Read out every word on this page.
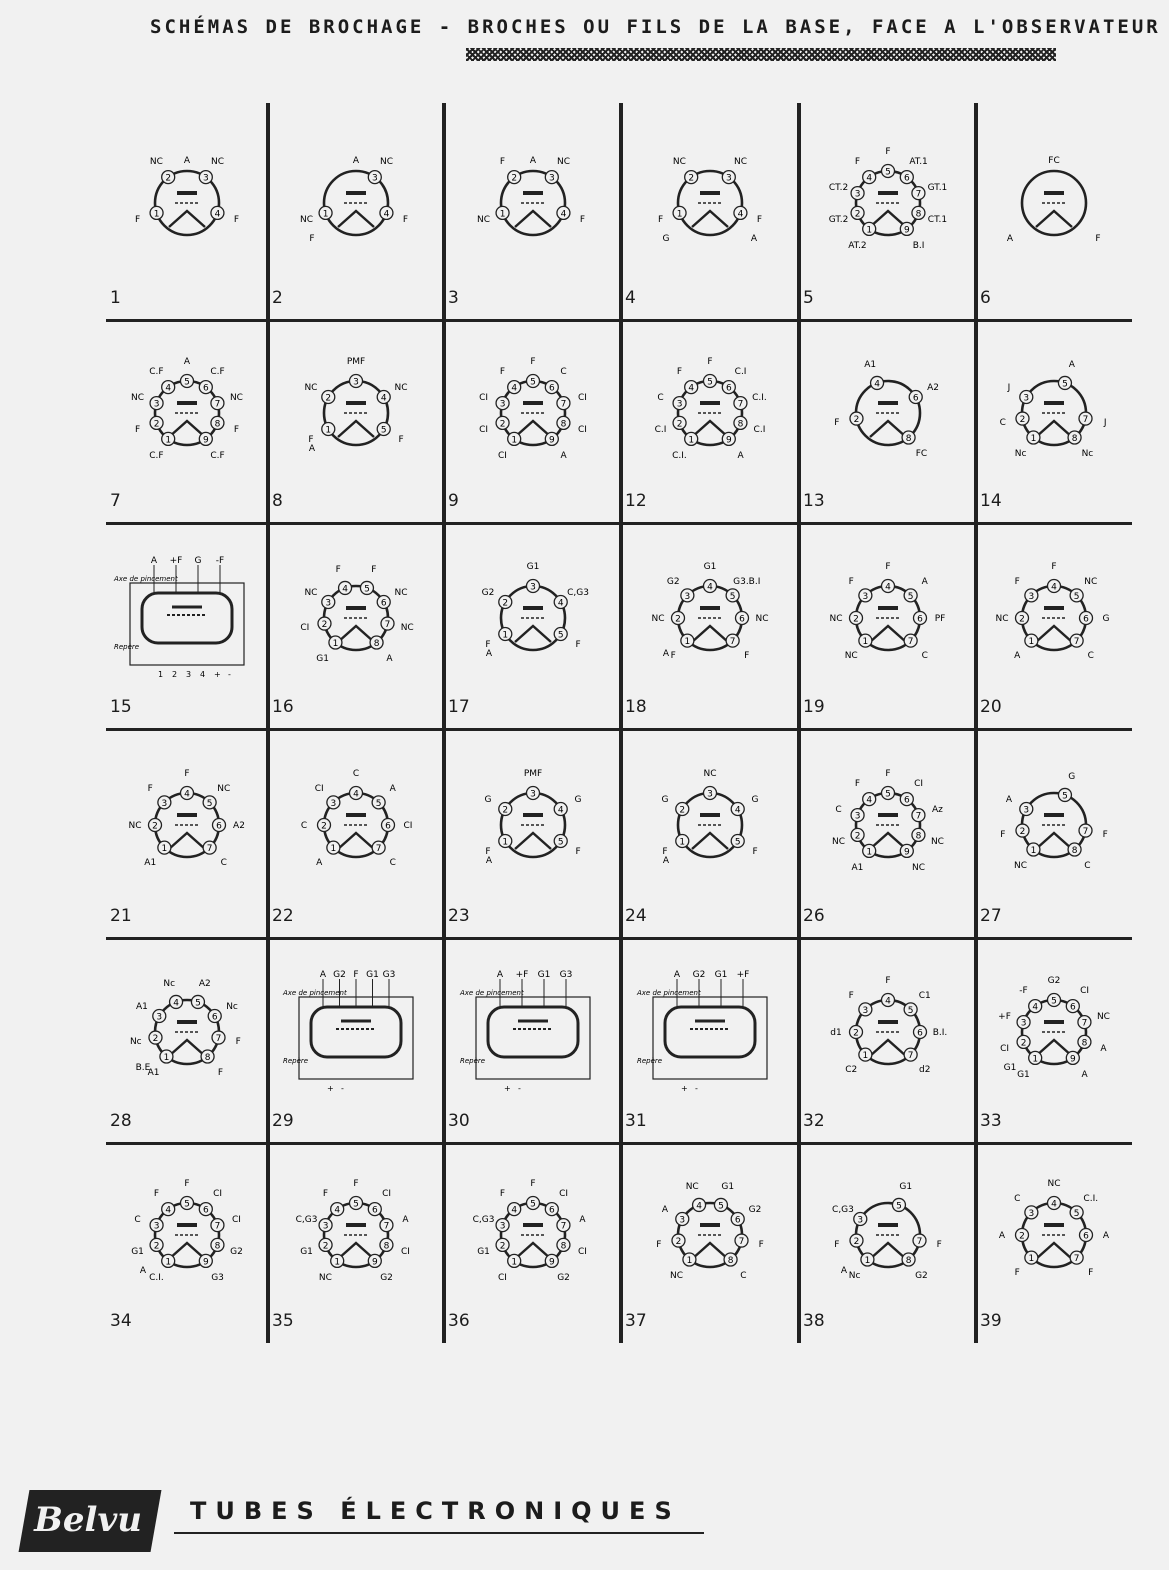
SCHÉMAS DE BROCHAGE - BROCHES OU FILS DE LA BASE, FACE A L'OBSERVATEUR
1
1
F
2
NC
3
NC
4
F
A
2
1
NC
4
F
3
NC
A
F
3
1
NC
2
F
3
NC
4
F
A
4
1
F
2
NC
3
NC
4
F
G	A
5
1
AT.2
2
GT.2
3
CT.2
4
F
5
F
6
AT.1
7
GT.1
8
CT.1
9
B.I
6
A	F
FC
7
1
C.F
2
F
3
NC
4
C.F
5
A
6
C.F
7
NC
8
F
9
C.F
8
1
F
2
NC
3
PMF
4
NC
5
F
A
9
1
CI
2
CI
3
CI
4
F
5
F
6
C
7
CI
8
CI
9
A
12
1
C.I.
2
C.I
3
C
4
F
5
F
6
C.I
7
C.I.
8
C.I
9
A
13
2
F
4
A1
6
A2
8
FC
14
1
Nc
2
C
3
J	5
A
7 J
8
Nc
15
A +F G -F
Axe de pincement
Repère
1 2 3 4 + -
16
1
G1
2
CI
3
NC	4
F
5
F
6
NC
7 NC
8
A
17
1
F
2
G2
3
G1
4
C,G3
5
F
A
18
1
F
2
NC
3
G2
4
G1
5
G3.B.I
6 NC
7
F
A
19
1
NC
2
NC
3
F
4
F
5
A
6 PF
7
C
20
1
A
2
NC
3
F
4
F
5
NC
6 G
7
C
21
1
A1
2
NC
3
F
4
F
5
NC
6 A2
7
C
22
1
A
2
C
3
CI
4
C
5
A
6 CI
7
C
23
1
F
2
G
3
PMF
4
G
5
F
A
24
1
F
2
G
3
NC
4
G
5
F
A
26
1
A1
2
NC
3
C
4
F
5
F
6
CI
7
Az
8
NC
9
NC
27
1
NC
2
F
3
A	5
G
7 F
8
C
28
1
A1
2
Nc
3
A1	4
Nc
5
A2
6
Nc
7 F
8
F
B.E
29
A G2 F G1 G3
Axe de pincement
Repère
+ -
30
A +F G1 G3
Axe de pincement
Repère
+ -
31
A G2 G1 +F
Axe de pincement
Repère
+ -
32
1
C2
2
d1
3
F
4
F
5
C1
6 B.I.
7
d2
33
1
G1
2
CI
3
+F
4
-F
5
G2
6
CI
7
NC
8
A
9
A
G1
34
1
C.I.
2
G1
3
C
4
F
5
F
6
CI
7
CI
8
G2
9
G3
A
35
1
NC
2
G1
3
C,G3
4
F
5
F
6
CI
7
A
8
CI
9
G2
36
1
CI
2
G1
3
C,G3
4
F
5
F
6
CI
7
A
8
CI
9
G2
37
1
NC
2
F
3
A	4
NC
5
G1
6
G2
7 F
8
C
38
1
Nc
2
F
3
C,G3	5
G1
7 F
8
G2
A
39
1
F
2
A
3
C
4
NC
5
C.I.
6 A
7
F
Belvu TUBES ÉLECTRONIQUES
